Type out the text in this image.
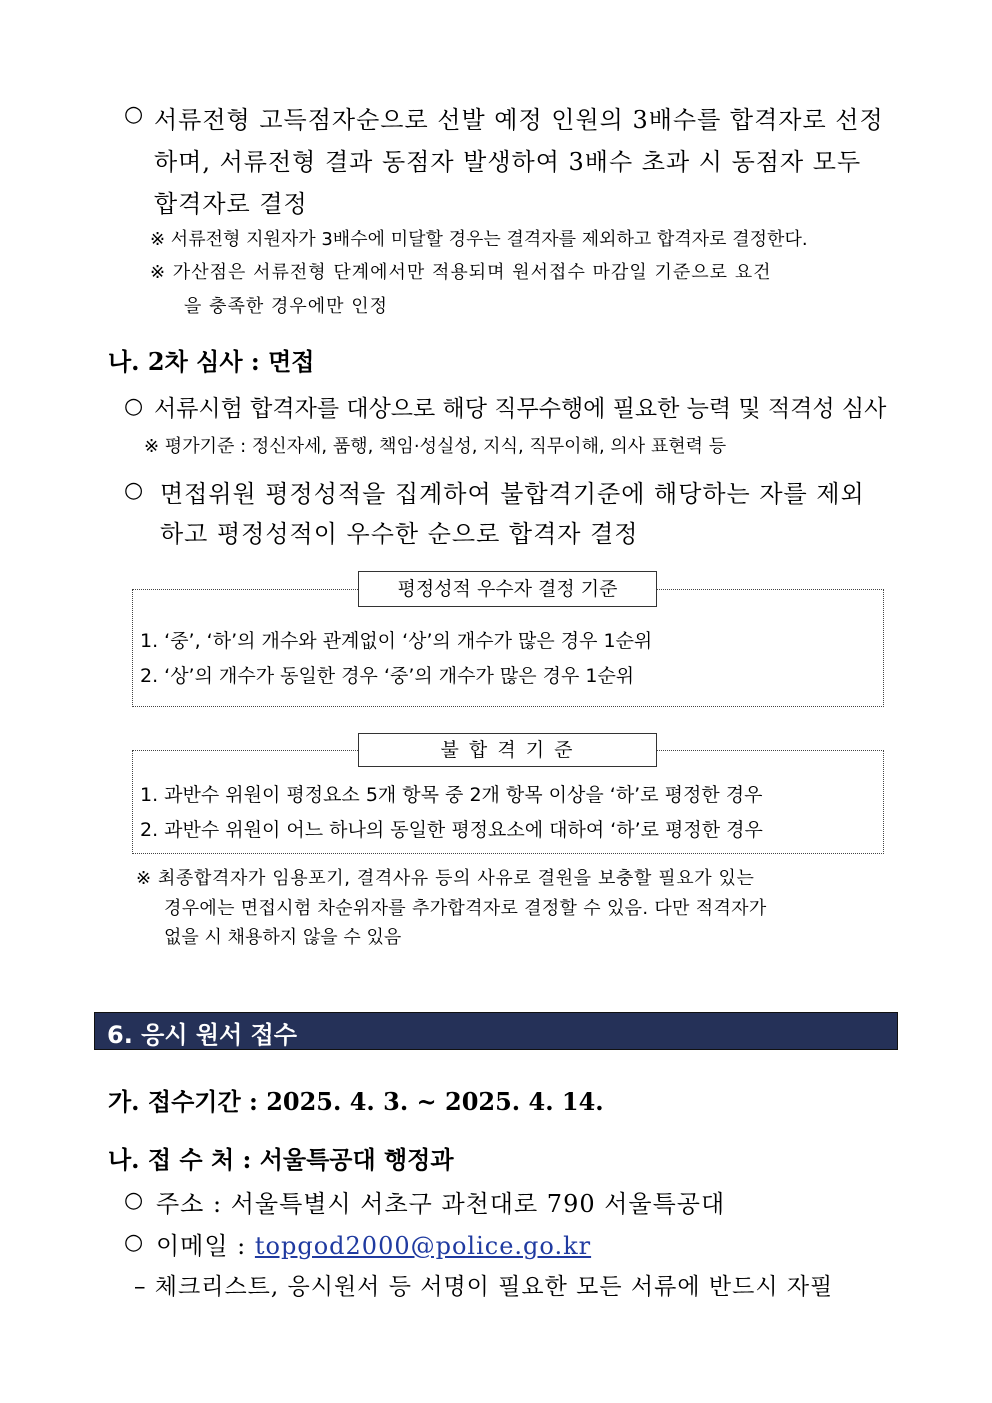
○ 서류전형 고득점자순으로 선발 예정 인원의 3배수를 합격자로 선정
하며, 서류전형 결과 동점자 발생하여 3배수 초과 시 동점자 모두
합격자로 결정
※ 서류전형 지원자가 3배수에 미달할 경우는 결격자를 제외하고 합격자로 결정한다.
※ 가산점은 서류전형 단계에서만 적용되며 원서접수 마감일 기준으로 요건
을 충족한 경우에만 인정
나. 2차 심사 : 면접
○ 서류시험 합격자를 대상으로 해당 직무수행에 필요한 능력 및 적격성 심사
※ 평가기준 : 정신자세, 품행, 책임·성실성, 지식, 직무이해, 의사 표현력 등
○ 면접위원 평정성적을 집계하여 불합격기준에 해당하는 자를 제외
하고 평정성적이 우수한 순으로 합격자 결정
평정성적 우수자 결정 기준
1. ‘중’, ‘하’의 개수와 관계없이 ‘상’의 개수가 많은 경우 1순위
2. ‘상’의 개수가 동일한 경우 ‘중’의 개수가 많은 경우 1순위
불 합 격 기 준
1. 과반수 위원이 평정요소 5개 항목 중 2개 항목 이상을 ‘하’로 평정한 경우
2. 과반수 위원이 어느 하나의 동일한 평정요소에 대하여 ‘하’로 평정한 경우
※ 최종합격자가 임용포기, 결격사유 등의 사유로 결원을 보충할 필요가 있는
경우에는 면접시험 차순위자를 추가합격자로 결정할 수 있음. 다만 적격자가
없을 시 채용하지 않을 수 있음
6. 응시 원서 접수
가. 접수기간 : 2025. 4. 3. ~ 2025. 4. 14.
나. 접 수 처 : 서울특공대 행정과
○ 주소 : 서울특별시 서초구 과천대로 790 서울특공대
○ 이메일 : topgod2000@police.go.kr
– 체크리스트, 응시원서 등 서명이 필요한 모든 서류에 반드시 자필
